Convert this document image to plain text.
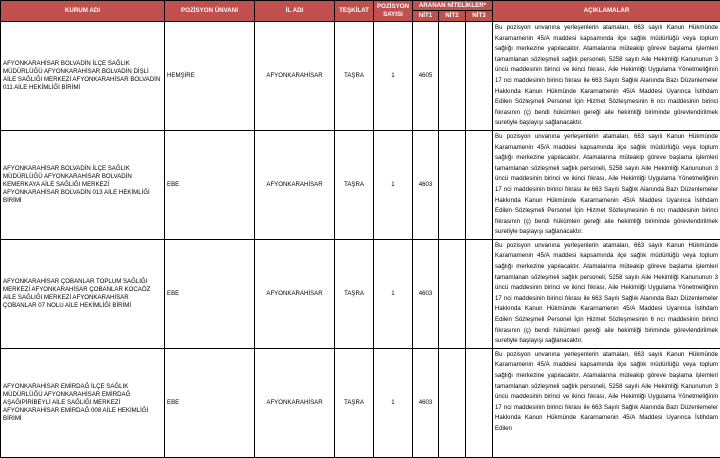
KURUM ADI	POZİSYON ÜNVANI	İL ADI	TEŞKİLAT	POZİSYON SAYISI	ARANAN NİTELİKLER*			AÇIKLAMALAR
					NİT1	NİT2	NİT3	
AFYONKARAHİSAR BOLVADİN İLÇE SAĞLIK MÜDÜRLÜĞÜ AFYONKARAHİSAR BOLVADİN DİŞLİ AİLE SAĞLIĞI MERKEZİ AFYONKARAHİSAR BOLVADİN 011 AİLE HEKİMLİĞİ BİRİMİ	HEMŞİRE	AFYONKARAHİSAR	TAŞRA	1	4605			Bu pozisyon unvanına yerleşenlerin atamaları, 663 sayılı Kanun Hükmünde Kararnamenin 45/A maddesi kapsamında ilçe sağlık müdürlüğü veya toplum sağlığı merkezine yapılacaktır. Atamalarına müteakip göreve başlama işlemleri tamamlanan sözleşmeli sağlık personeli, 5258 sayılı Aile Hekimliği Kanununun 3 üncü maddesinin birinci ve ikinci fıkrası, Aile Hekimliği Uygulama Yönetmeliğinin 17 nci maddesinin birinci fıkrası ile 663 Sayılı Sağlık Alanında Bazı Düzenlemeler Hakkında Kanun Hükmünde Kararnamenin 45/A Maddesi Uyarınca İstihdam Edilen Sözleşmeli Personel İçin Hizmet Sözleşmesinin 6 ncı maddesinin birinci fıkrasının (ç) bendi hükümleri gereği aile hekimliği biriminde görevlendirilmek suretiyle başlayışı sağlanacaktır.
AFYONKARAHİSAR BOLVADİN İLÇE SAĞLIK MÜDÜRLÜĞÜ AFYONKARAHİSAR BOLVADİN KEMERKAYA AİLE SAĞLIĞI MERKEZİ AFYONKARAHİSAR BOLVADİN 013 AİLE HEKİMLİĞİ BİRİMİ	EBE	AFYONKARAHİSAR	TAŞRA	1	4603			Bu pozisyon unvanına yerleşenlerin atamaları, 663 sayılı Kanun Hükmünde Kararnamenin 45/A maddesi kapsamında ilçe sağlık müdürlüğü veya toplum sağlığı merkezine yapılacaktır. Atamalarına müteakip göreve başlama işlemleri tamamlanan sözleşmeli sağlık personeli, 5258 sayılı Aile Hekimliği Kanununun 3 üncü maddesinin birinci ve ikinci fıkrası, Aile Hekimliği Uygulama Yönetmeliğinin 17 nci maddesinin birinci fıkrası ile 663 Sayılı Sağlık Alanında Bazı Düzenlemeler Hakkında Kanun Hükmünde Kararnamenin 45/A Maddesi Uyarınca İstihdam Edilen Sözleşmeli Personel İçin Hizmet Sözleşmesinin 6 ncı maddesinin birinci fıkrasının (ç) bendi hükümleri gereği aile hekimliği biriminde görevlendirilmek suretiyle başlayışı sağlanacaktır.
AFYONKARAHİSAR ÇOBANLAR TOPLUM SAĞLIĞI MERKEZİ AFYONKARAHİSAR ÇOBANLAR KOCAÖZ AİLE SAĞLIĞI MERKEZİ AFYONKARAHİSAR ÇOBANLAR 07 NOLU AİLE HEKİMLİĞİ BİRİMİ	EBE	AFYONKARAHİSAR	TAŞRA	1	4603			Bu pozisyon unvanına yerleşenlerin atamaları, 663 sayılı Kanun Hükmünde Kararnamenin 45/A maddesi kapsamında ilçe sağlık müdürlüğü veya toplum sağlığı merkezine yapılacaktır. Atamalarına müteakip göreve başlama işlemleri tamamlanan sözleşmeli sağlık personeli, 5258 sayılı Aile Hekimliği Kanununun 3 üncü maddesinin birinci ve ikinci fıkrası, Aile Hekimliği Uygulama Yönetmeliğinin 17 nci maddesinin birinci fıkrası ile 663 Sayılı Sağlık Alanında Bazı Düzenlemeler Hakkında Kanun Hükmünde Kararnamenin 45/A Maddesi Uyarınca İstihdam Edilen Sözleşmeli Personel İçin Hizmet Sözleşmesinin 6 ncı maddesinin birinci fıkrasının (ç) bendi hükümleri gereği aile hekimliği biriminde görevlendirilmek suretiyle başlayışı sağlanacaktır.
AFYONKARAHİSAR EMİRDAĞ İLÇE SAĞLIK MÜDÜRLÜĞÜ AFYONKARAHİSAR EMİRDAĞ AŞAĞIPİRİBEYLİ AİLE SAĞLIĞI MERKEZİ AFYONKARAHİSAR EMİRDAĞ 008 AİLE HEKİMLİĞİ BİRİMİ	EBE	AFYONKARAHİSAR	TAŞRA	1	4603			Bu pozisyon unvanına yerleşenlerin atamaları, 663 sayılı Kanun Hükmünde Kararnamenin 45/A maddesi kapsamında ilçe sağlık müdürlüğü veya toplum sağlığı merkezine yapılacaktır. Atamalarına müteakip göreve başlama işlemleri tamamlanan sözleşmeli sağlık personeli, 5258 sayılı Aile Hekimliği Kanununun 3 üncü maddesinin birinci ve ikinci fıkrası, Aile Hekimliği Uygulama Yönetmeliğinin 17 nci maddesinin birinci fıkrası ile 663 Sayılı Sağlık Alanında Bazı Düzenlemeler Hakkında Kanun Hükmünde Kararnamenin 45/A Maddesi Uyarınca İstihdam Edilen
